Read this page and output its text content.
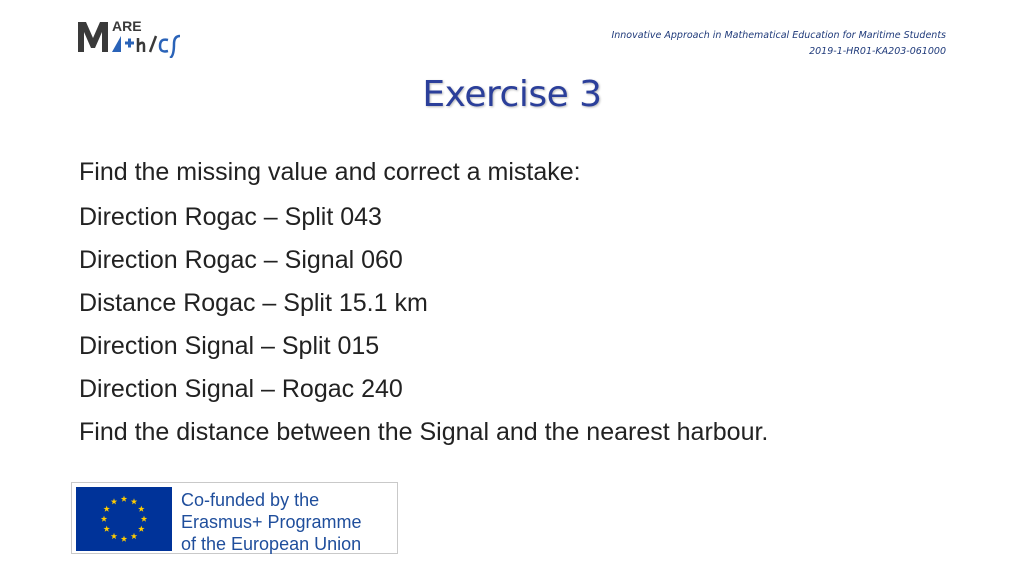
ARE
Innovative Approach in Mathematical Education for Maritime Students
2019-1-HR01-KA203-061000
Exercise 3
Find the missing value and correct a mistake:
Direction Rogac – Split 043
Direction Rogac – Signal 060
Distance Rogac – Split 15.1 km
Direction Signal – Split 015
Direction Signal – Rogac 240
Find the distance between the Signal and the nearest harbour.
Co-funded by the
Erasmus+ Programme
of the European Union
